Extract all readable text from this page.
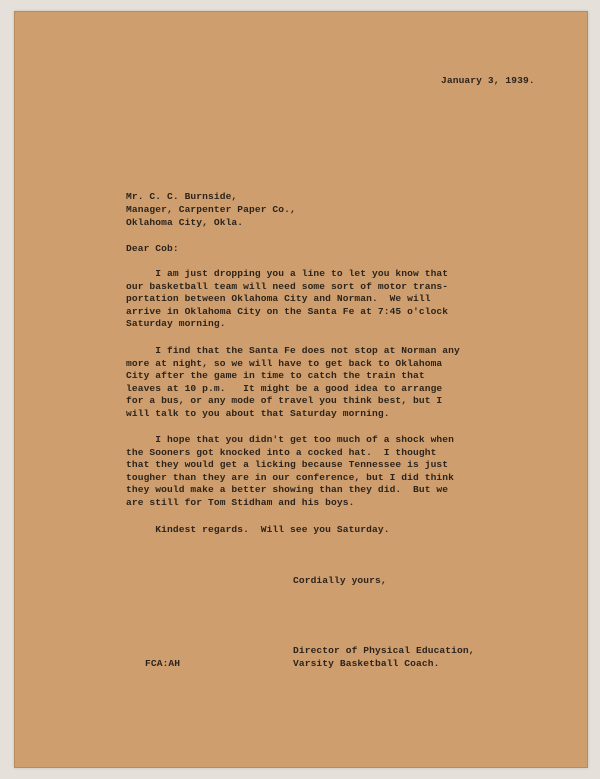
January 3, 1939.

Mr. C. C. Burnside,

Manager, Carpenter Paper Co.,

Oklahoma City, Okla.

Dear Cob:

I am just dropping you a line to let you know that
our basketball team will need some sort of motor trans-
portation between Oklahoma City and Norman.  We will
arrive in Oklahoma City on the Santa Fe at 7:45 o'clock
Saturday morning.

I find that the Santa Fe does not stop at Norman any
more at night, so we will have to get back to Oklahoma
City after the game in time to catch the train that
leaves at 10 p.m.   It might be a good idea to arrange
for a bus, or any mode of travel you think best, but I
will talk to you about that Saturday morning.

I hope that you didn't get too much of a shock when
the Sooners got knocked into a cocked hat.  I thought
that they would get a licking because Tennessee is just
tougher than they are in our conference, but I did think
they would make a better showing than they did.  But we
are still for Tom Stidham and his boys.

Kindest regards.  Will see you Saturday.

Cordially yours,

Director of Physical Education,

Varsity Basketball Coach.

FCA:AH
